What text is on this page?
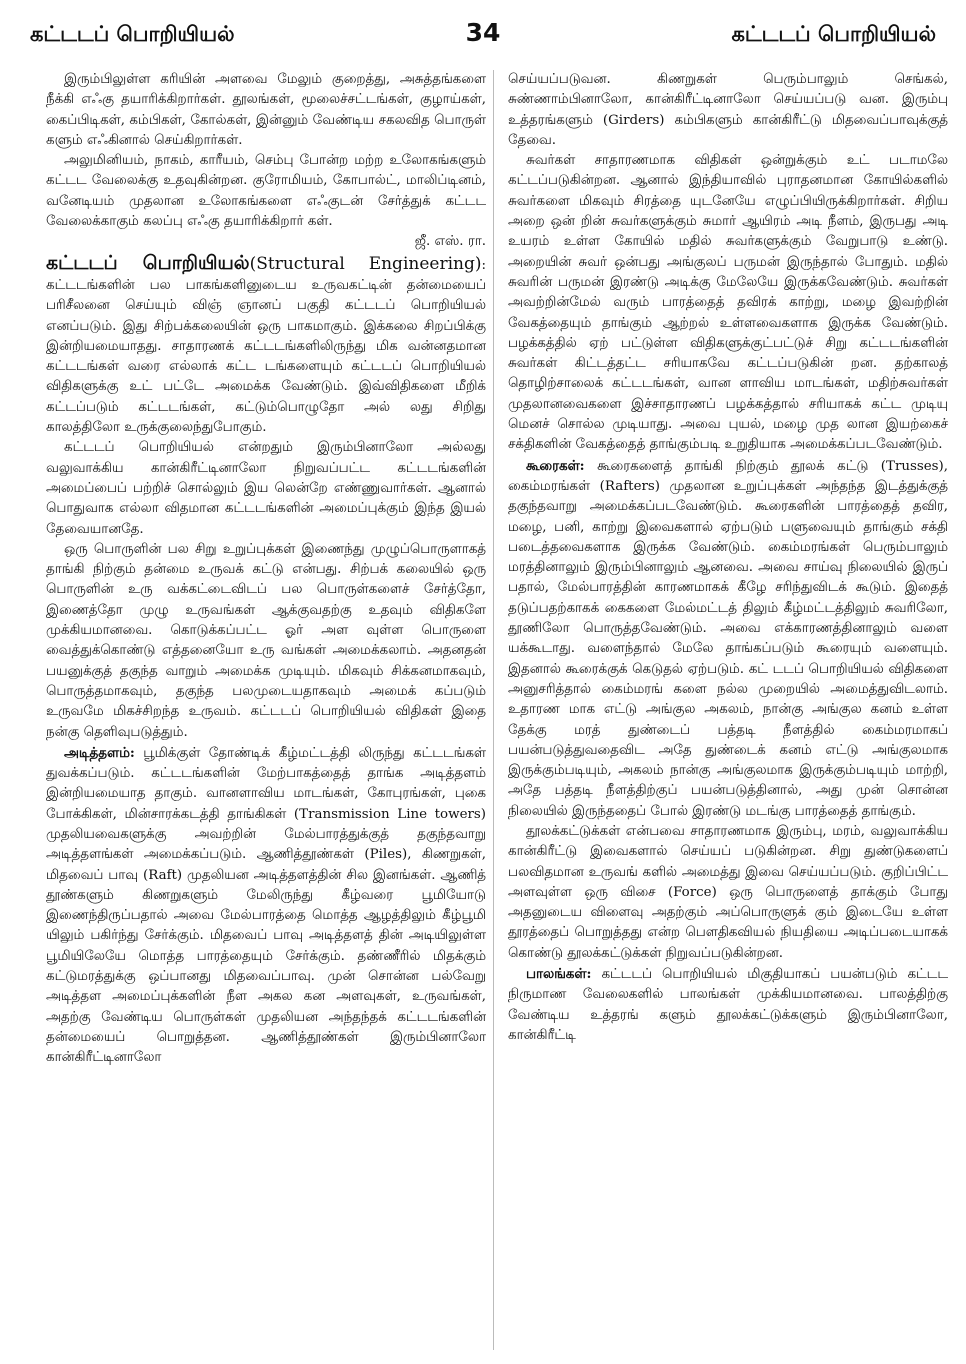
கட்டடப் பொறியியல்	34	கட்டடப் பொறியியல்

இரும்பிலுள்ள கரியின் அளவை மேலும் குறைத்து, அசுத்தங்களை நீக்கி எஃகு தயாரிக்கிறார்கள். தூலங்கள், மூலைச்சட்டங்கள், குழாய்கள், கைப்பிடிகள், கம்பிகள், கோல்கள், இன்னும் வேண்டிய சகலவித பொருள் களும் எஃகினால் செய்கிறார்கள்.

அலுமினியம், நாகம், காரீயம், செம்பு போன்ற மற்ற உலோகங்களும் கட்டட வேலைக்கு உதவுகின்றன. குரோமியம், கோபால்ட், மாலிப்டினம், வனேடியம் முதலான உலோகங்களை எஃகுடன் சேர்த்துக் கட்டட வேலைக்காகும் கலப்பு எஃகு தயாரிக்கிறார் கள்.

ஜீ. எஸ். ரா.

கட்டடப் பொறியியல்(Structural Engineering): கட்டடங்களின் பல பாகங்களினுடைய உருவகட்டின் தன்மையைப் பரிசீலனை செய்யும் விஞ் ஞானப் பகுதி கட்டடப் பொறியியல் எனப்படும். இது சிற்பக்கலையின் ஒரு பாகமாகும். இக்கலை சிறப்பிக்கு இன்றியமையாதது. சாதாரணக் கட்டடங்களிலிருந்து மிக வன்னதமான கட்டடங்கள் வரை எல்லாக் கட்ட டங்களையும் கட்டடப் பொறியியல் விதிகளுக்கு உட் பட்டே அமைக்க வேண்டும். இவ்விதிகளை மீறிக் கட்டப்படும் கட்டடங்கள், கட்டும்பொழுதோ அல் லது சிறிது காலத்திலோ உருக்குலைந்துபோகும்.

கட்டடப் பொறியியல் என்றதும் இரும்பினாலோ அல்லது வலுவாக்கிய கான்கிரீட்டினாலோ நிறுவப்பட்ட கட்டடங்களின் அமைப்பைப் பற்றிச் சொல்லும் இய லென்றே எண்ணுவார்கள். ஆனால் பொதுவாக எல்லா விதமான கட்டடங்களின் அமைப்புக்கும் இந்த இயல் தேவையானதே.

ஒரு பொருளின் பல சிறு உறுப்புக்கள் இணைந்து முழுப்பொருளாகத் தாங்கி நிற்கும் தன்மை உருவக் கட்டு என்பது. சிற்பக் கலையில் ஒரு பொருளின் உரு வக்கட்டைவிடப் பல பொருள்களைச் சேர்த்தோ, இணைத்தோ முழு உருவங்கள் ஆக்குவதற்கு உதவும் விதிகளே முக்கியமானவை. கொடுக்கப்பட்ட ஓர் அள வுள்ள பொருளை வைத்துக்கொண்டு எத்தனையோ உரு வங்கள் அமைக்கலாம். அதனதன் பயனுக்குத் தகுந்த வாறும் அமைக்க முடியும். மிகவும் சிக்கனமாகவும், பொருத்தமாகவும், தகுந்த பலமுடையதாகவும் அமைக் கப்படும் உருவமே மிகச்சிறந்த உருவம். கட்டடப் பொறியியல் விதிகள் இதை நன்கு தெளிவுபடுத்தும்.

அடித்தளம்: பூமிக்குள் தோண்டிக் கீழ்மட்டத்தி லிருந்து கட்டடங்கள் துவக்கப்படும். கட்டடங்களின் மேற்பாகத்தைத் தாங்க அடித்தளம் இன்றியமையாத தாகும். வானளாவிய மாடங்கள், கோபுரங்கள், புகை போக்கிகள், மின்சாரக்கடத்தி தாங்கிகள் (Transmission Line towers) முதலியவைகளுக்கு அவற்றின் மேல்பாரத்துக்குத் தகுந்தவாறு அடித்தளங்கள் அமைக்கப்படும். ஆணித்தூண்கள் (Piles), கிணறுகள், மிதவைப் பாவு (Raft) முதலியன அடித்தளத்தின் சில இனங்கள். ஆணித் தூண்களும் கிணறுகளும் மேலிருந்து கீழ்வரை பூமியோடு இணைந்திருப்பதால் அவை மேல்பாரத்தை மொத்த ஆழத்திலும் கீழ்பூமி யிலும் பகிர்ந்து சேர்க்கும். மிதவைப் பாவு அடித்தளத் தின் அடியிலுள்ள பூமியிலேயே மொத்த பாரத்தையும் சேர்க்கும். தண்ணீரில் மிதக்கும் கட்டுமரத்துக்கு ஒப்பானது மிதவைப்பாவு. முன் சொன்ன பல்வேறு அடித்தள அமைப்புக்களின் நீள அகல கன அளவுகள், உருவங்கள், அதற்கு வேண்டிய பொருள்கள் முதலியன அந்தந்தக் கட்டடங்களின் தன்மையைப் பொறுத்தன. ஆணித்தூண்கள் இரும்பினாலோ கான்கிரீட்டினாலோ

செய்யப்படுவன. கிணறுகள் பெரும்பாலும் செங்கல், சுண்ணாம்பினாலோ, கான்கிரீட்டினாலோ செய்யப்படு வன. இரும்பு உத்தரங்களும் (Girders) கம்பிகளும் கான்கிரீட்டு மிதவைப்பாவுக்குத் தேவை.

சுவர்கள் சாதாரணமாக விதிகள் ஒன்றுக்கும் உட் படாமலே கட்டப்படுகின்றன. ஆனால் இந்தியாவில் புராதனமான கோயில்களில் சுவர்களை மிகவும் சிரத்தை யுடனேயே எழுப்பியிருக்கிறார்கள். சிறிய அறை ஒன் றின் சுவர்களுக்கும் சுமார் ஆயிரம் அடி நீளம், இருபது அடி உயரம் உள்ள கோயில் மதில் சுவர்களுக்கும் வேறுபாடு உண்டு. அறையின் சுவர் ஒன்பது அங்குலப் பருமன் இருந்தால் போதும். மதில் சுவரின் பருமன் இரண்டு அடிக்கு மேலேயே இருக்கவேண்டும். சுவர்கள் அவற்றின்மேல் வரும் பாரத்தைத் தவிரக் காற்று, மழை இவற்றின் வேகத்தையும் தாங்கும் ஆற்றல் உள்ளவைகளாக இருக்க வேண்டும். பழக்கத்தில் ஏற் பட்டுள்ள விதிகளுக்குட்பட்டுச் சிறு கட்டடங்களின் சுவர்கள் கிட்டத்தட்ட சரியாகவே கட்டப்படுகின் றன. தற்காலத் தொழிற்சாலைக் கட்டடங்கள், வான ளாவிய மாடங்கள், மதிற்சுவர்கள் முதலானவைகளை இச்சாதாரணப் பழக்கத்தால் சரியாகக் கட்ட முடியு மெனச் சொல்ல முடியாது. அவை புயல், மழை முத லான இயற்கைச் சக்திகளின் வேகத்தைத் தாங்கும்படி உறுதியாக அமைக்கப்படவேண்டும்.

கூரைகள்: கூரைகளைத் தாங்கி நிற்கும் தூலக் கட்டு (Trusses), கைம்மரங்கள் (Rafters) முதலான உறுப்புக்கள் அந்தந்த இடத்துக்குத் தகுந்தவாறு அமைக்கப்படவேண்டும். கூரைகளின் பாரத்தைத் தவிர, மழை, பனி, காற்று இவைகளால் ஏற்படும் பளுவையும் தாங்கும் சக்தி படைத்தவைகளாக இருக்க வேண்டும். கைம்மரங்கள் பெரும்பாலும் மரத்தினாலும் இரும்பினாலும் ஆனவை. அவை சாய்வு நிலையில் இருப் பதால், மேல்பாரத்தின் காரணமாகக் கீழே சரிந்துவிடக் கூடும். இதைத் தடுப்பதற்காகக் கைகளை மேல்மட்டத் திலும் கீழ்மட்டத்திலும் சுவரிலோ, தூணிலோ பொருத்தவேண்டும். அவை எக்காரணத்தினாலும் வளை யக்கூடாது. வளைந்தால் மேலே தாங்கப்படும் கூரையும் வளையும். இதனால் கூரைக்குக் கெடுதல் ஏற்படும். கட் டடப் பொறியியல் விதிகளை அனுசரித்தால் கைம்மரங் களை நல்ல முறையில் அமைத்துவிடலாம். உதாரண மாக எட்டு அங்குல அகலம், நான்கு அங்குல கனம் உள்ள தேக்கு மரத் துண்டைப் பத்தடி நீளத்தில் கைம்மரமாகப் பயன்படுத்துவதைவிட அதே துண்டைக் கனம் எட்டு அங்குலமாக இருக்கும்படியும், அகலம் நான்கு அங்குலமாக இருக்கும்படியும் மாற்றி, அதே பத்தடி நீளத்திற்குப் பயன்படுத்தினால், அது முன் சொன்ன நிலையில் இருந்ததைப் போல் இரண்டு மடங்கு பாரத்தைத் தாங்கும்.

தூலக்கட்டுக்கள் என்பவை சாதாரணமாக இரும்பு, மரம், வலுவாக்கிய கான்கிரீட்டு இவைகளால் செய்யப் படுகின்றன. சிறு துண்டுகளைப் பலவிதமான உருவங் களில் அமைத்து இவை செய்யப்படும். குறிப்பிட்ட அளவுள்ள ஒரு விசை (Force) ஒரு பொருளைத் தாக்கும் போது அதனுடைய விளைவு அதற்கும் அப்பொருளுக் கும் இடையே உள்ள தூரத்தைப் பொறுத்தது என்ற பௌதிகவியல் நியதியை அடிப்படையாகக் கொண்டு தூலக்கட்டுக்கள் நிறுவப்படுகின்றன.

பாலங்கள்: கட்டடப் பொறியியல் மிகுதியாகப் பயன்படும் கட்டட நிருமாண வேலைகளில் பாலங்கள் முக்கியமானவை. பாலத்திற்கு வேண்டிய உத்தரங் களும் தூலக்கட்டுக்களும் இரும்பினாலோ, கான்கிரீட்டி
